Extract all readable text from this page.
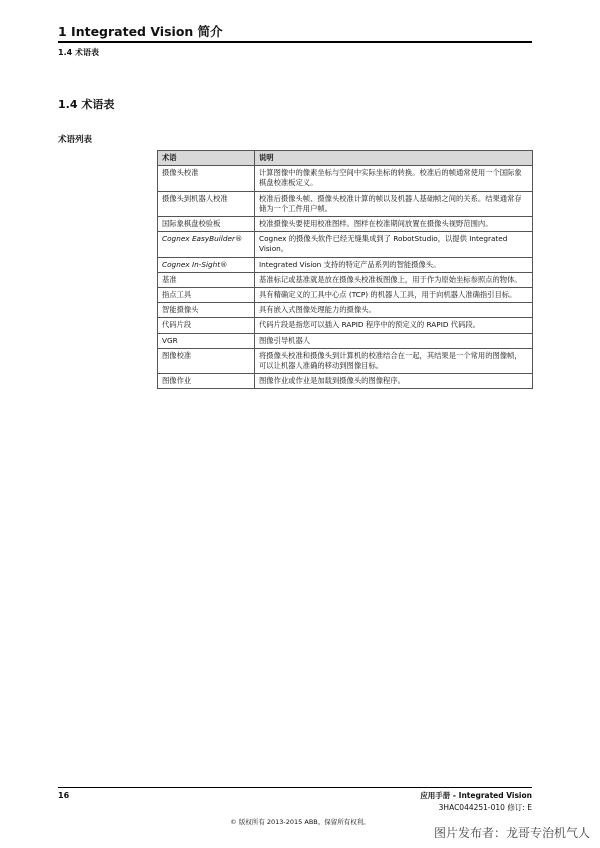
1 Integrated Vision 简介
1.4 术语表
1.4 术语表
术语列表
术语	说明
摄像头校准	计算图像中的像素坐标与空间中实际坐标的转换。校准后的帧通常使用一个国际象棋盘校准板定义。
摄像头到机器人校准	校准后摄像头帧、摄像头校准计算的帧以及机器人基础帧之间的关系。结果通常存储为一个工件用户帧。
国际象棋盘校验板	校准摄像头要使用校准图样。图样在校准期间放置在摄像头视野范围内。
Cognex EasyBuilder®	Cognex 的摄像头软件已经无缝集成到了 RobotStudio，以提供 Integrated Vision。
Cognex In-Sight®	Integrated Vision 支持的特定产品系列的智能摄像头。
基准	基准标记或基准就是放在摄像头校准板图像上，用于作为原始坐标参照点的物体。
指点工具	具有精确定义的工具中心点 (TCP) 的机器人工具，用于向机器人准确指引目标。
智能摄像头	具有嵌入式图像处理能力的摄像头。
代码片段	代码片段是指您可以插入 RAPID 程序中的预定义的 RAPID 代码段。
VGR	图像引导机器人
图像校准	将摄像头校准和摄像头到计算机的校准结合在一起，其结果是一个常用的图像帧，可以让机器人准确的移动到图像目标。
图像作业	图像作业或作业是加载到摄像头的图像程序。
16	应用手册 - Integrated Vision
3HAC044251-010 修订: E
© 版权所有 2013-2015 ABB。保留所有权利。
图片发布者：龙哥专治机气人
